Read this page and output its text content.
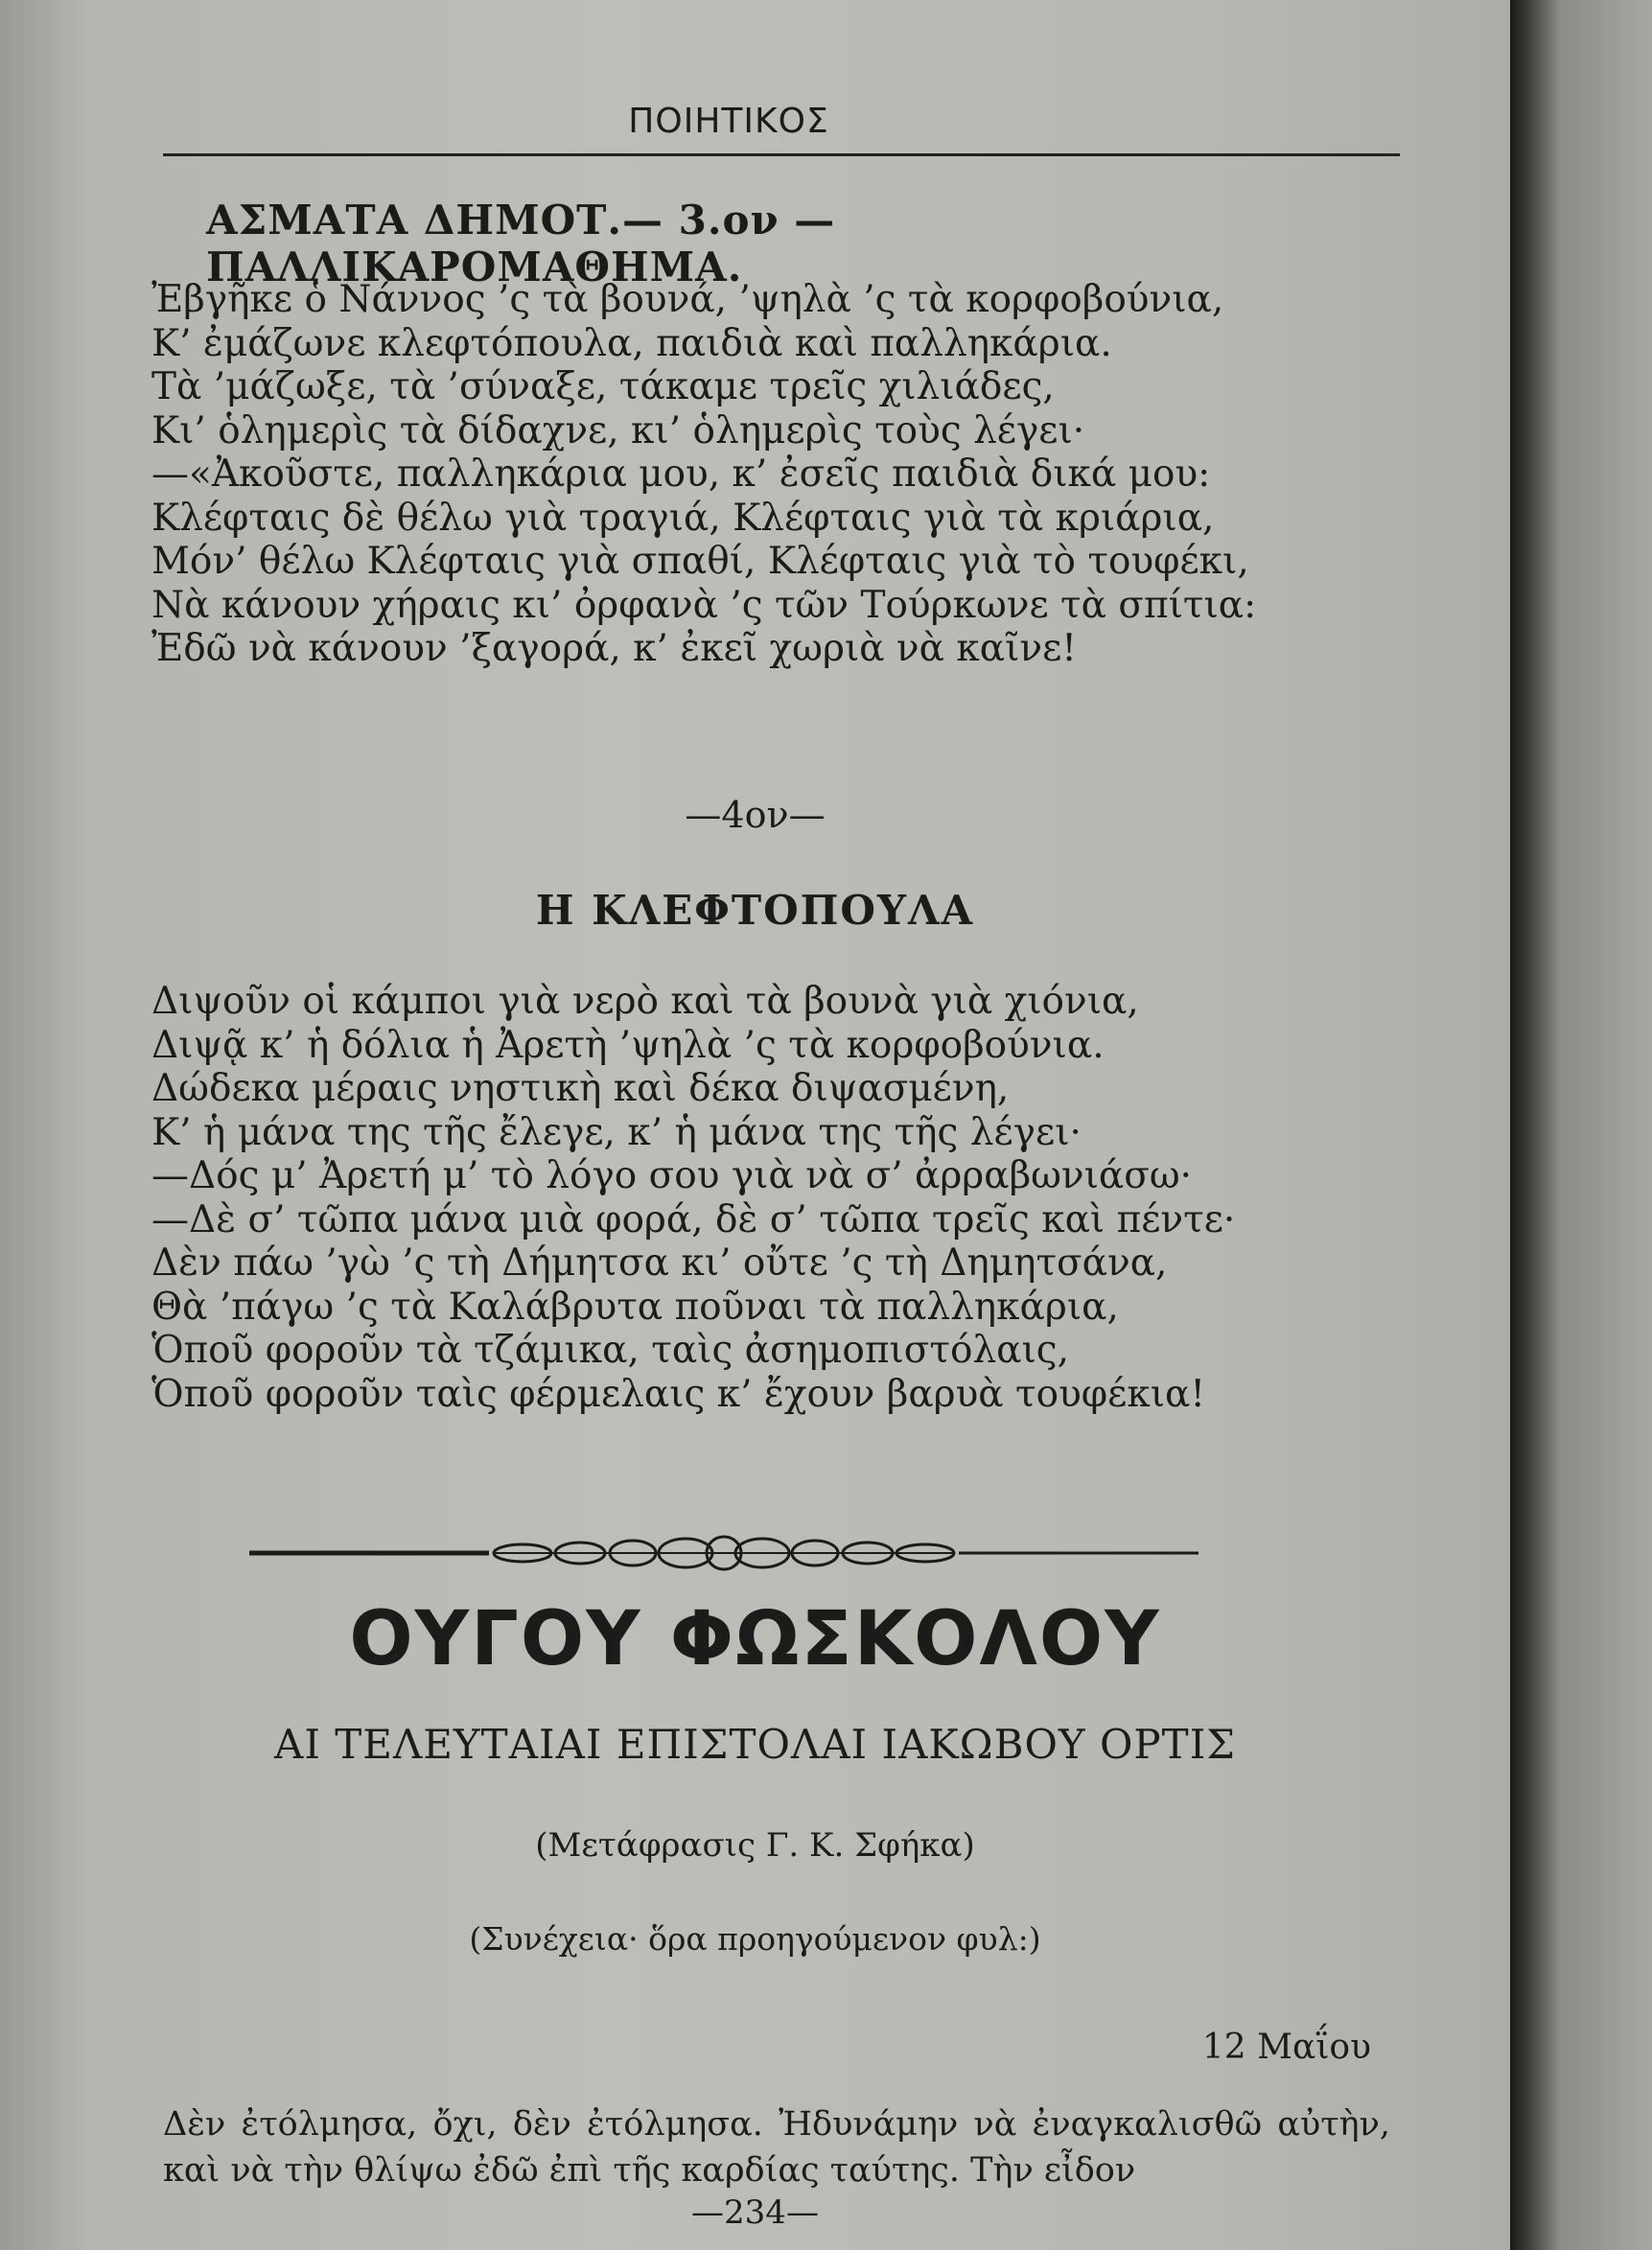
ΠΟΙΗΤΙΚΟΣ
ΑΣΜΑΤΑ ΔΗΜΟΤ.— 3.ον —ΠΑΛΛΙΚΑΡΟΜΑΘΗΜΑ.
Ἐβγῆκε ὁ Νάννος ’ς τὰ βουνά, ’ψηλὰ ’ς τὰ κορφοβούνια,
Κ’ ἐμάζωνε κλεφτόπουλα, παιδιὰ καὶ παλληκάρια.
Τὰ ’μάζωξε, τὰ ’σύναξε, τάκαμε τρεῖς χιλιάδες,
Κι’ ὁλημερὶς τὰ δίδαχνε, κι’ ὁλημερὶς τοὺς λέγει·
—«Ἀκοῦστε, παλληκάρια μου, κ’ ἐσεῖς παιδιὰ δικά μου:
Κλέφταις δὲ θέλω γιὰ τραγιά, Κλέφταις γιὰ τὰ κριάρια,
Μόν’ θέλω Κλέφταις γιὰ σπαθί, Κλέφταις γιὰ τὸ τουφέκι,
Νὰ κάνουν χήραις κι’ ὀρφανὰ ’ς τῶν Τούρκωνε τὰ σπίτια:
Ἐδῶ νὰ κάνουν ’ξαγορά, κ’ ἐκεῖ χωριὰ νὰ καῖνε!
—4ον—
Η ΚΛΕΦΤΟΠΟΥΛΑ
Διψοῦν οἱ κάμποι γιὰ νερὸ καὶ τὰ βουνὰ γιὰ χιόνια,
Διψᾷ κ’ ἡ δόλια ἡ Ἀρετὴ ’ψηλὰ ’ς τὰ κορφοβούνια.
Δώδεκα μέραις νηστικὴ καὶ δέκα διψασμένη,
Κ’ ἡ μάνα της τῆς ἔλεγε, κ’ ἡ μάνα της τῆς λέγει·
—Δός μ’ Ἀρετή μ’ τὸ λόγο σου γιὰ νὰ σ’ ἀρραβωνιάσω·
—Δὲ σ’ τῶπα μάνα μιὰ φορά, δὲ σ’ τῶπα τρεῖς καὶ πέντε·
Δὲν πάω ’γὼ ’ς τὴ Δήμητσα κι’ οὔτε ’ς τὴ Δημητσάνα,
Θὰ ’πάγω ’ς τὰ Καλάβρυτα ποῦναι τὰ παλληκάρια,
Ὁποῦ φοροῦν τὰ τζάμικα, ταὶς ἀσημοπιστόλαις,
Ὁποῦ φοροῦν ταὶς φέρμελαις κ’ ἔχουν βαρυὰ τουφέκια!
ΟΥΓΟΥ ΦΩΣΚΟΛΟΥ
ΑΙ ΤΕΛΕΥΤΑΙΑΙ ΕΠΙΣΤΟΛΑΙ ΙΑΚΩΒΟΥ ΟΡΤΙΣ
(Μετάφρασις Γ. Κ. Σφήκα)
(Συνέχεια· ὅρα προηγούμενον φυλ:)
12 Μαΐου
Δὲν ἐτόλμησα, ὄχι, δὲν ἐτόλμησα. Ἠδυνάμην νὰ ἐναγκαλισθῶ αὐτὴν, καὶ νὰ τὴν θλίψω ἐδῶ ἐπὶ τῆς καρδίας ταύτης. Τὴν εἶδον
—234—
